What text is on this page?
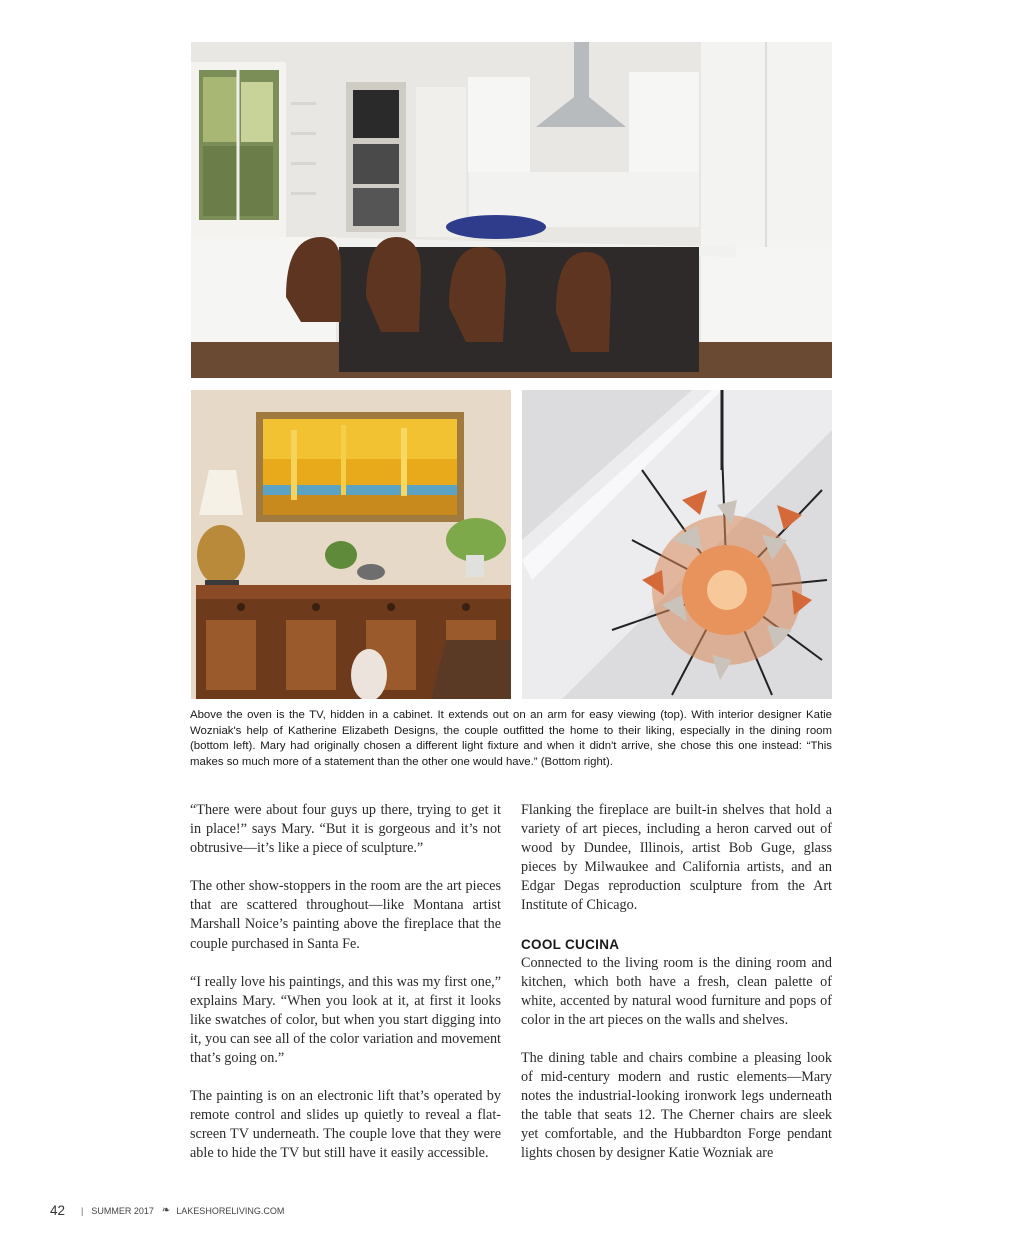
Above the oven is the TV, hidden in a cabinet. It extends out on an arm for easy viewing (top). With interior designer Katie Wozniak's help of Katherine Elizabeth Designs, the couple outfitted the home to their liking, especially in the dining room (bottom left). Mary had originally chosen a different light fixture and when it didn't arrive, she chose this one instead: “This makes so much more of a statement than the other one would have.” (Bottom right).

“There were about four guys up there, trying to get it in place!” says Mary. “But it is gorgeous and it’s not obtrusive—it’s like a piece of sculpture.”

The other show-stoppers in the room are the art pieces that are scattered throughout—like Montana artist Marshall Noice’s painting above the fireplace that the couple purchased in Santa Fe.

“I really love his paintings, and this was my first one,” explains Mary. “When you look at it, at first it looks like swatches of color, but when you start digging into it, you can see all of the color variation and movement that’s going on.”

The painting is on an electronic lift that’s operated by remote control and slides up quietly to reveal a flat-screen TV underneath. The couple love that they were able to hide the TV but still have it easily accessible.

Flanking the fireplace are built-in shelves that hold a variety of art pieces, including a heron carved out of wood by Dundee, Illinois, artist Bob Guge, glass pieces by Milwaukee and California artists, and an Edgar Degas reproduction sculpture from the Art Institute of Chicago.

COOL CUCINA

Connected to the living room is the dining room and kitchen, which both have a fresh, clean palette of white, accented by natural wood furniture and pops of color in the art pieces on the walls and shelves.

The dining table and chairs combine a pleasing look of mid-century modern and rustic elements—Mary notes the industrial-looking ironwork legs underneath the table that seats 12. The Cherner chairs are sleek yet comfortable, and the Hubbardton Forge pendant lights chosen by designer Katie Wozniak are

42 | SUMMER 2017 ❧ LAKESHORELIVING.COM
